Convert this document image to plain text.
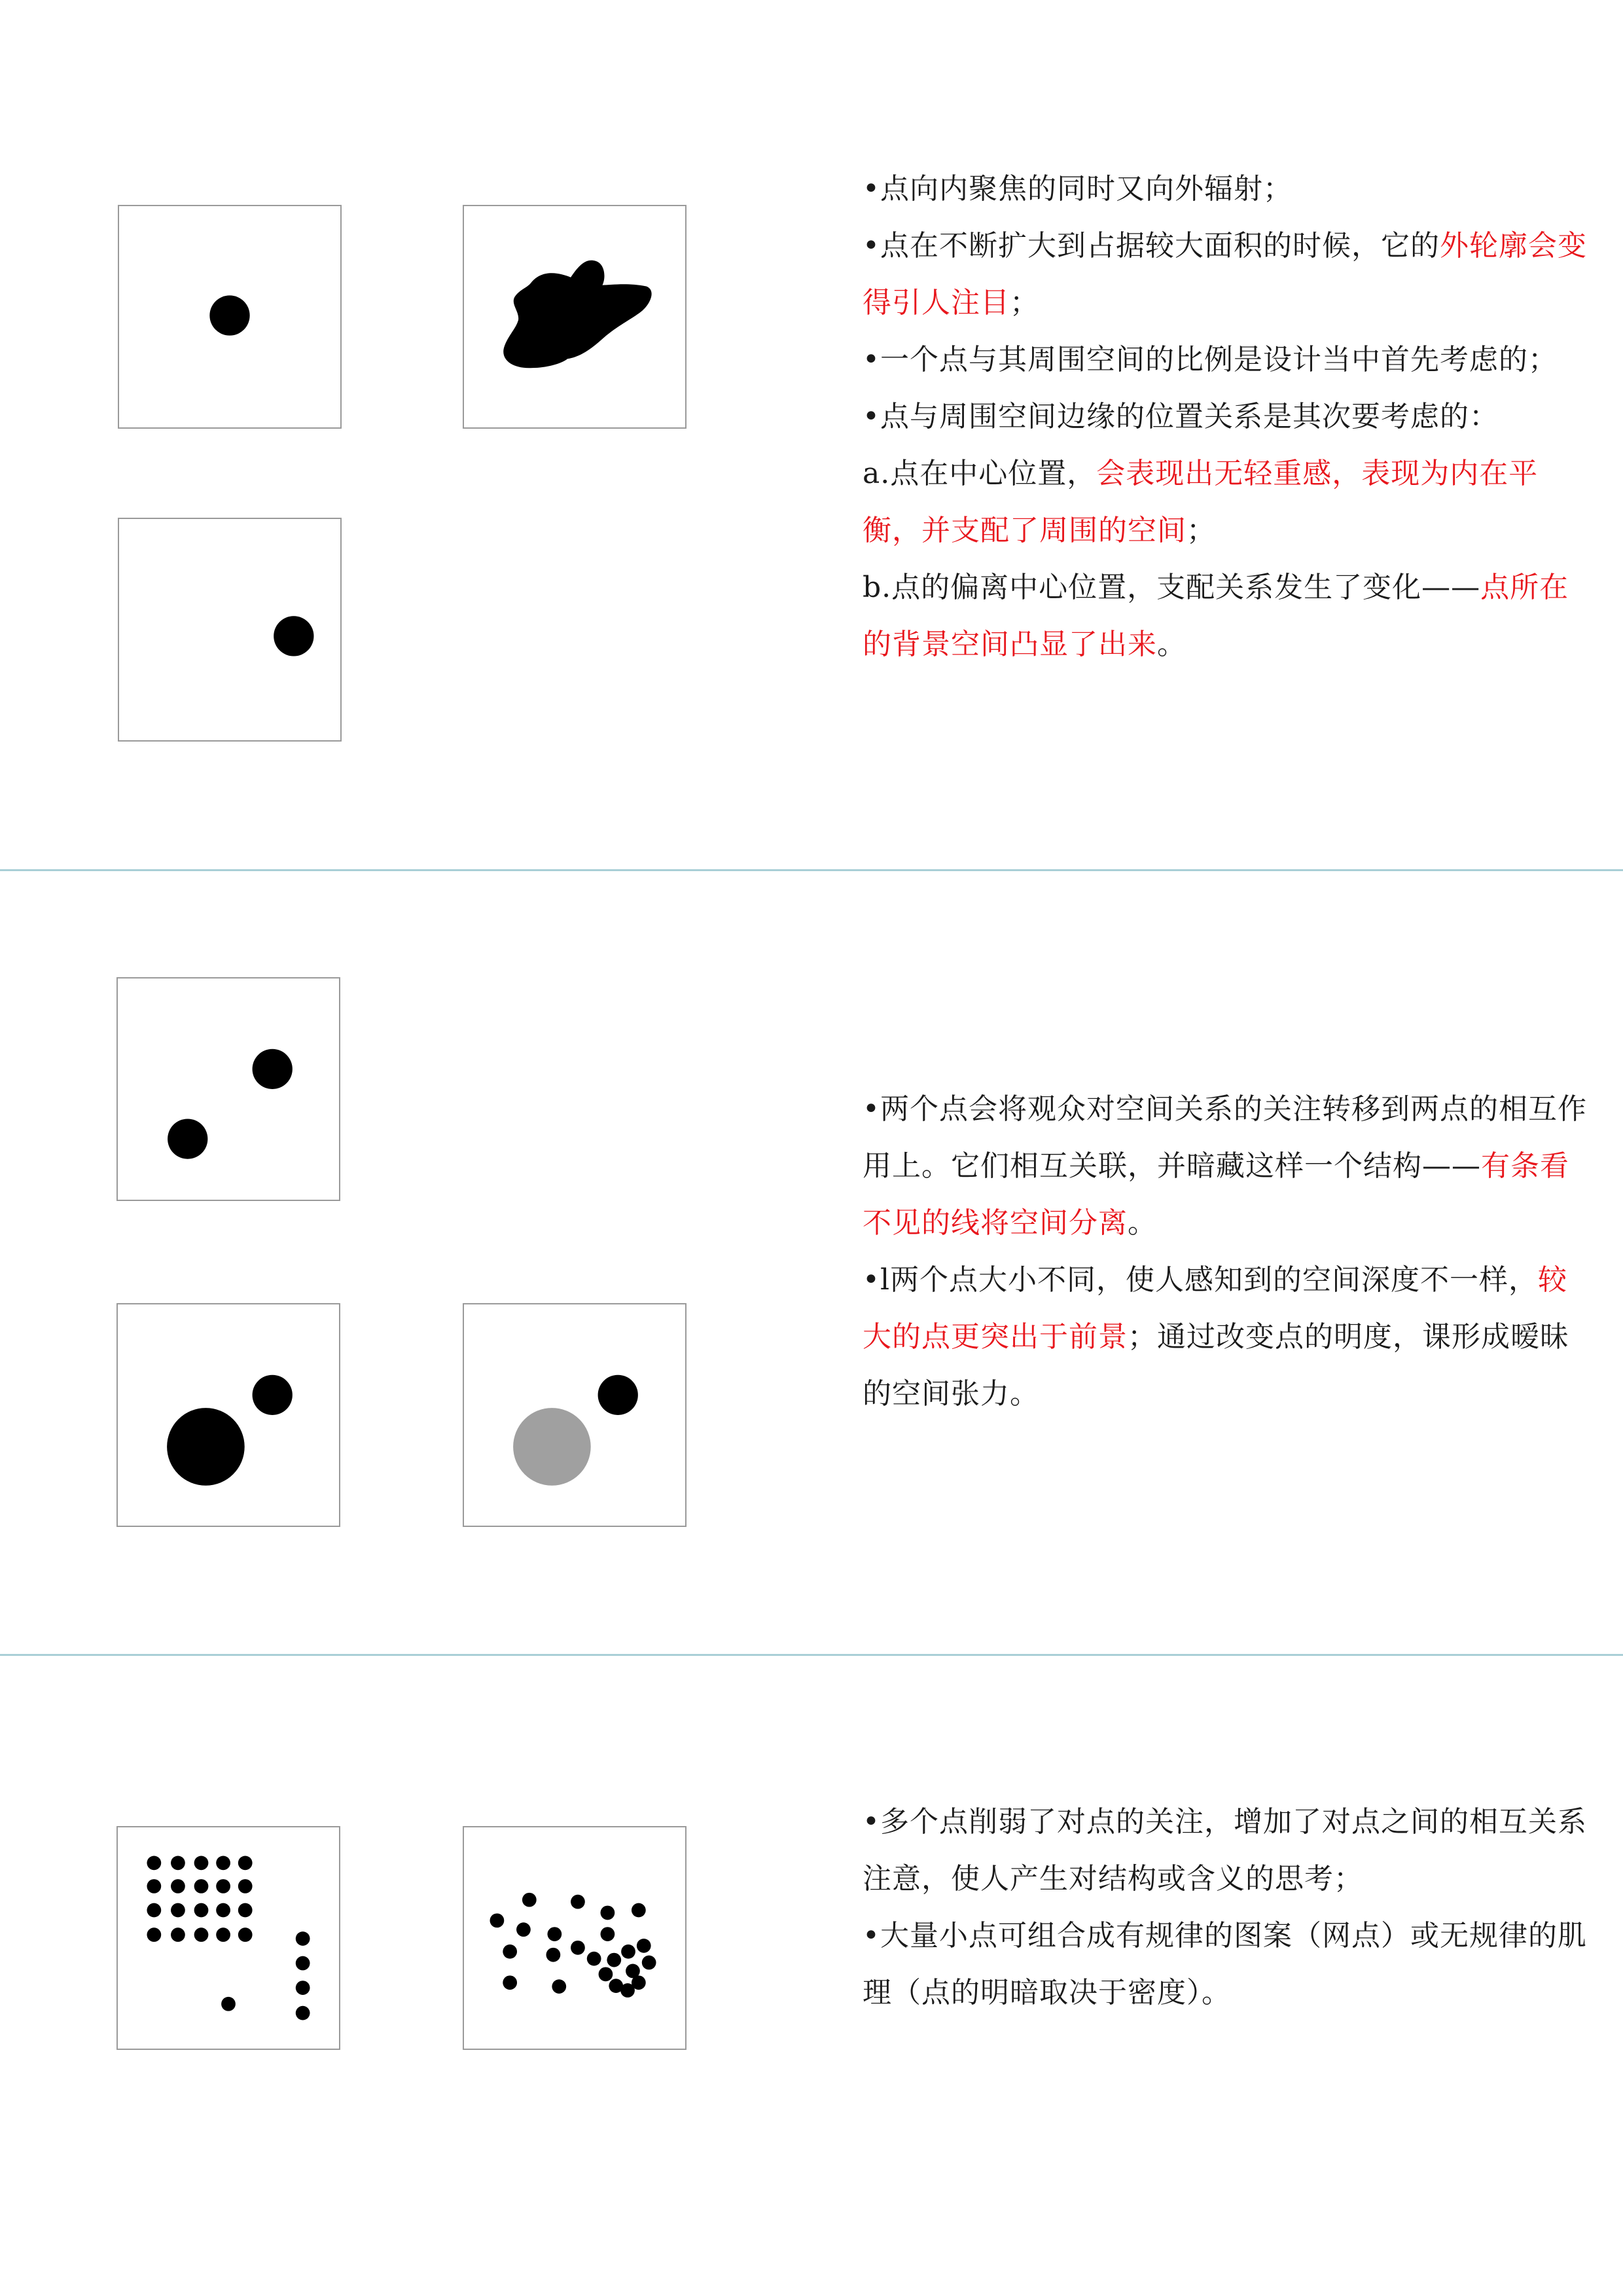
•点向内聚焦的同时又向外辐射；

•点在不断扩大到占据较大面积的时候，它的外轮廓会变得引人注目；

•一个点与其周围空间的比例是设计当中首先考虑的；

•点与周围空间边缘的位置关系是其次要考虑的：

a.点在中心位置，会表现出无轻重感，表现为内在平衡，并支配了周围的空间；

b.点的偏离中心位置，支配关系发生了变化——点所在的背景空间凸显了出来。

•两个点会将观众对空间关系的关注转移到两点的相互作用上。它们相互关联，并暗藏这样一个结构——有条看不见的线将空间分离。

•l两个点大小不同，使人感知到的空间深度不一样，较大的点更突出于前景；通过改变点的明度，课形成暧昧的空间张力。

•多个点削弱了对点的关注，增加了对点之间的相互关系注意，使人产生对结构或含义的思考；

•大量小点可组合成有规律的图案（网点）或无规律的肌理（点的明暗取决于密度）。
